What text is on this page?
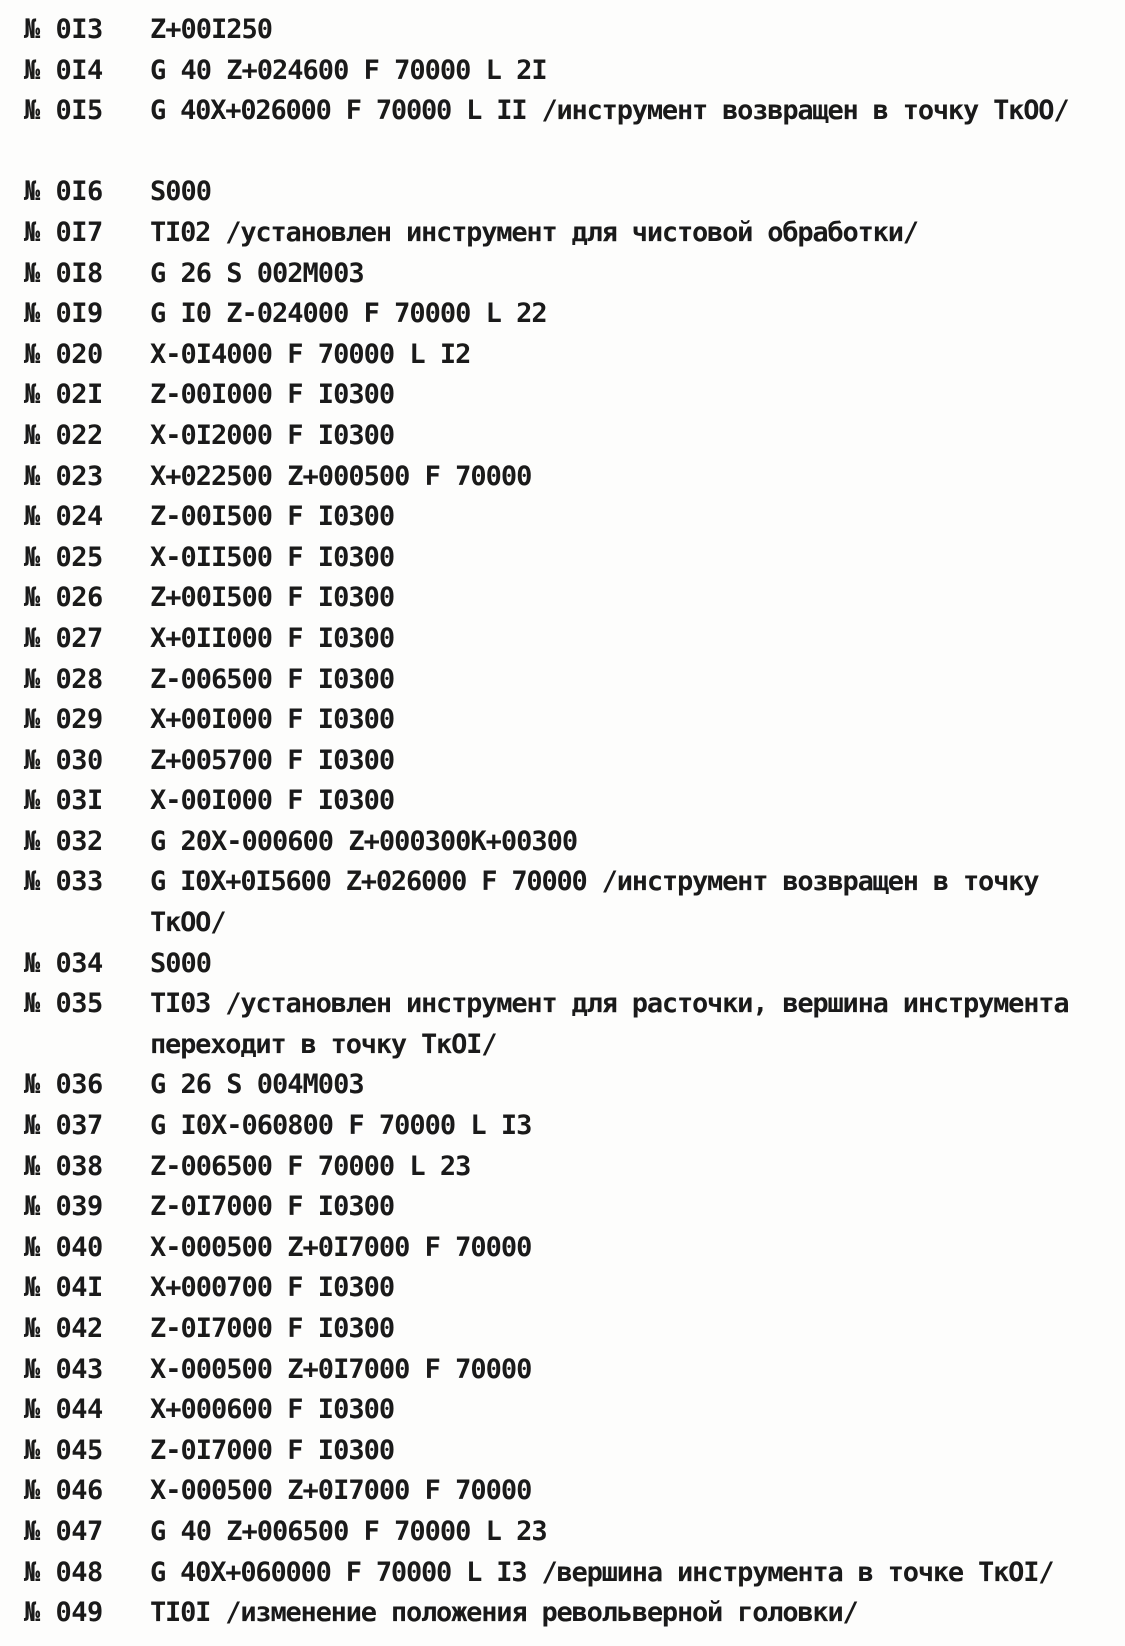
№ 0I3	Z+00I250
№ 0I4	G 40 Z+024600 F 70000 L 2I
№ 0I5	G 40X+026000 F 70000 L II /инструмент возвращен в точку ТкОО/
№ 0I6	S000
№ 0I7	TI02 /установлен инструмент для чистовой обработки/
№ 0I8	G 26 S 002M003
№ 0I9	G I0 Z-024000 F 70000 L 22
№ 020	X-0I4000 F 70000 L I2
№ 02I	Z-00I000 F I0300
№ 022	X-0I2000 F I0300
№ 023	X+022500 Z+000500 F 70000
№ 024	Z-00I500 F I0300
№ 025	X-0II500 F I0300
№ 026	Z+00I500 F I0300
№ 027	X+0II000 F I0300
№ 028	Z-006500 F I0300
№ 029	X+00I000 F I0300
№ 030	Z+005700 F I0300
№ 03I	X-00I000 F I0300
№ 032	G 20X-000600 Z+000300K+00300
№ 033	G I0X+0I5600 Z+026000 F 70000 /инструмент возвращен в точку ТкОО/
№ 034	S000
№ 035	TI03 /установлен инструмент для расточки, вершина инструмента переходит в точку ТкОI/
№ 036	G 26 S 004M003
№ 037	G I0X-060800 F 70000 L I3
№ 038	Z-006500 F 70000 L 23
№ 039	Z-0I7000 F I0300
№ 040	X-000500 Z+0I7000 F 70000
№ 04I	X+000700 F I0300
№ 042	Z-0I7000 F I0300
№ 043	X-000500 Z+0I7000 F 70000
№ 044	X+000600 F I0300
№ 045	Z-0I7000 F I0300
№ 046	X-000500 Z+0I7000 F 70000
№ 047	G 40 Z+006500 F 70000 L 23
№ 048	G 40X+060000 F 70000 L I3 /вершина инструмента в точке ТкОI/
№ 049	TI0I /изменение положения револьверной головки/
